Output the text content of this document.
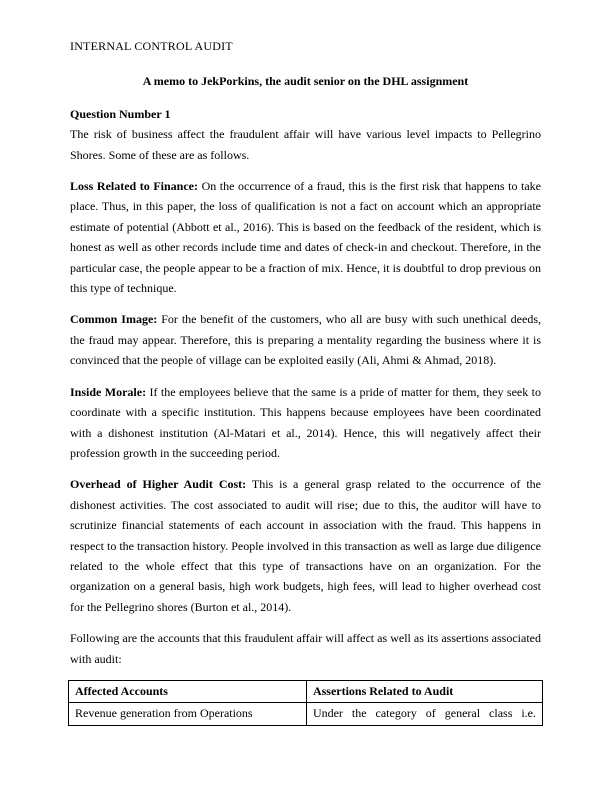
INTERNAL CONTROL AUDIT

A memo to JekPorkins, the audit senior on the DHL assignment

Question Number 1

The risk of business affect the fraudulent affair will have various level impacts to Pellegrino Shores. Some of these are as follows.

Loss Related to Finance: On the occurrence of a fraud, this is the first risk that happens to take place. Thus, in this paper, the loss of qualification is not a fact on account which an appropriate estimate of potential (Abbott et al., 2016). This is based on the feedback of the resident, which is honest as well as other records include time and dates of check-in and checkout. Therefore, in the particular case, the people appear to be a fraction of mix. Hence, it is doubtful to drop previous on this type of technique.

Common Image: For the benefit of the customers, who all are busy with such unethical deeds, the fraud may appear. Therefore, this is preparing a mentality regarding the business where it is convinced that the people of village can be exploited easily (Ali, Ahmi & Ahmad, 2018).

Inside Morale: If the employees believe that the same is a pride of matter for them, they seek to coordinate with a specific institution. This happens because employees have been coordinated with a dishonest institution (Al-Matari et al., 2014). Hence, this will negatively affect their profession growth in the succeeding period.

Overhead of Higher Audit Cost: This is a general grasp related to the occurrence of the dishonest activities. The cost associated to audit will rise; due to this, the auditor will have to scrutinize financial statements of each account in association with the fraud. This happens in respect to the transaction history. People involved in this transaction as well as large due diligence related to the whole effect that this type of transactions have on an organization. For the organization on a general basis, high work budgets, high fees, will lead to higher overhead cost for the Pellegrino shores (Burton et al., 2014).

Following are the accounts that this fraudulent affair will affect as well as its assertions associated with audit:

Affected Accounts	Assertions Related to Audit
Revenue generation from Operations	Under the category of general class i.e.
